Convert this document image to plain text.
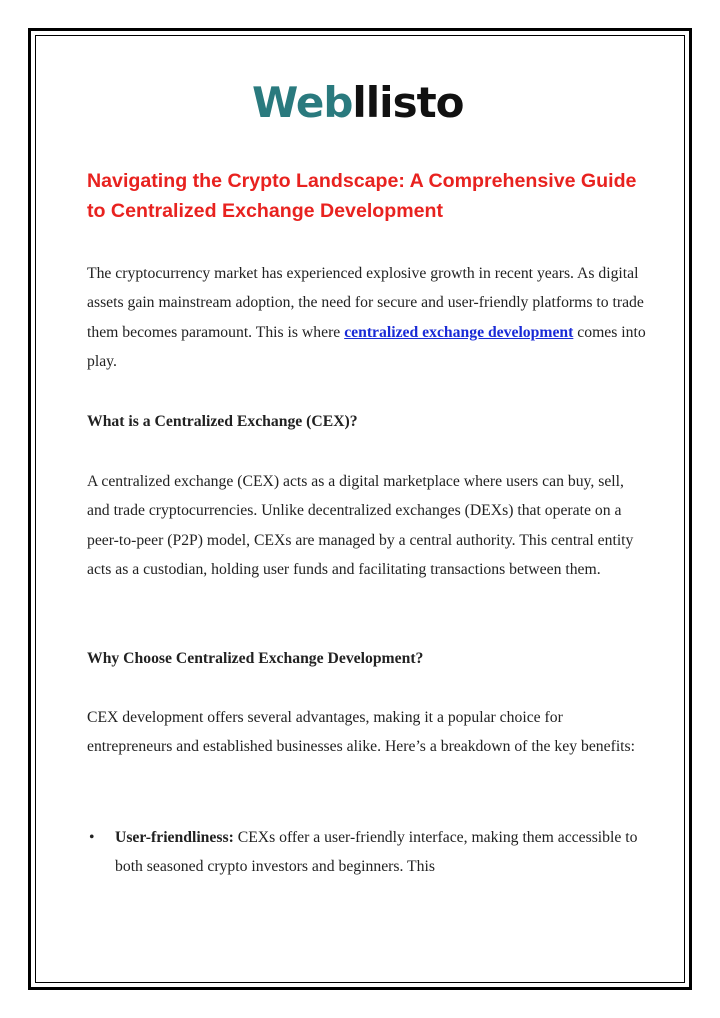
Webllisto
Navigating the Crypto Landscape: A Comprehensive Guide to Centralized Exchange Development

The cryptocurrency market has experienced explosive growth in recent years. As digital assets gain mainstream adoption, the need for secure and user-friendly platforms to trade them becomes paramount. This is where centralized exchange development comes into play.

What is a Centralized Exchange (CEX)?

A centralized exchange (CEX) acts as a digital marketplace where users can buy, sell, and trade cryptocurrencies. Unlike decentralized exchanges (DEXs) that operate on a peer-to-peer (P2P) model, CEXs are managed by a central authority. This central entity acts as a custodian, holding user funds and facilitating transactions between them.

Why Choose Centralized Exchange Development?

CEX development offers several advantages, making it a popular choice for entrepreneurs and established businesses alike. Here’s a breakdown of the key benefits:

• User-friendliness: CEXs offer a user-friendly interface, making them accessible to both seasoned crypto investors and beginners. This
